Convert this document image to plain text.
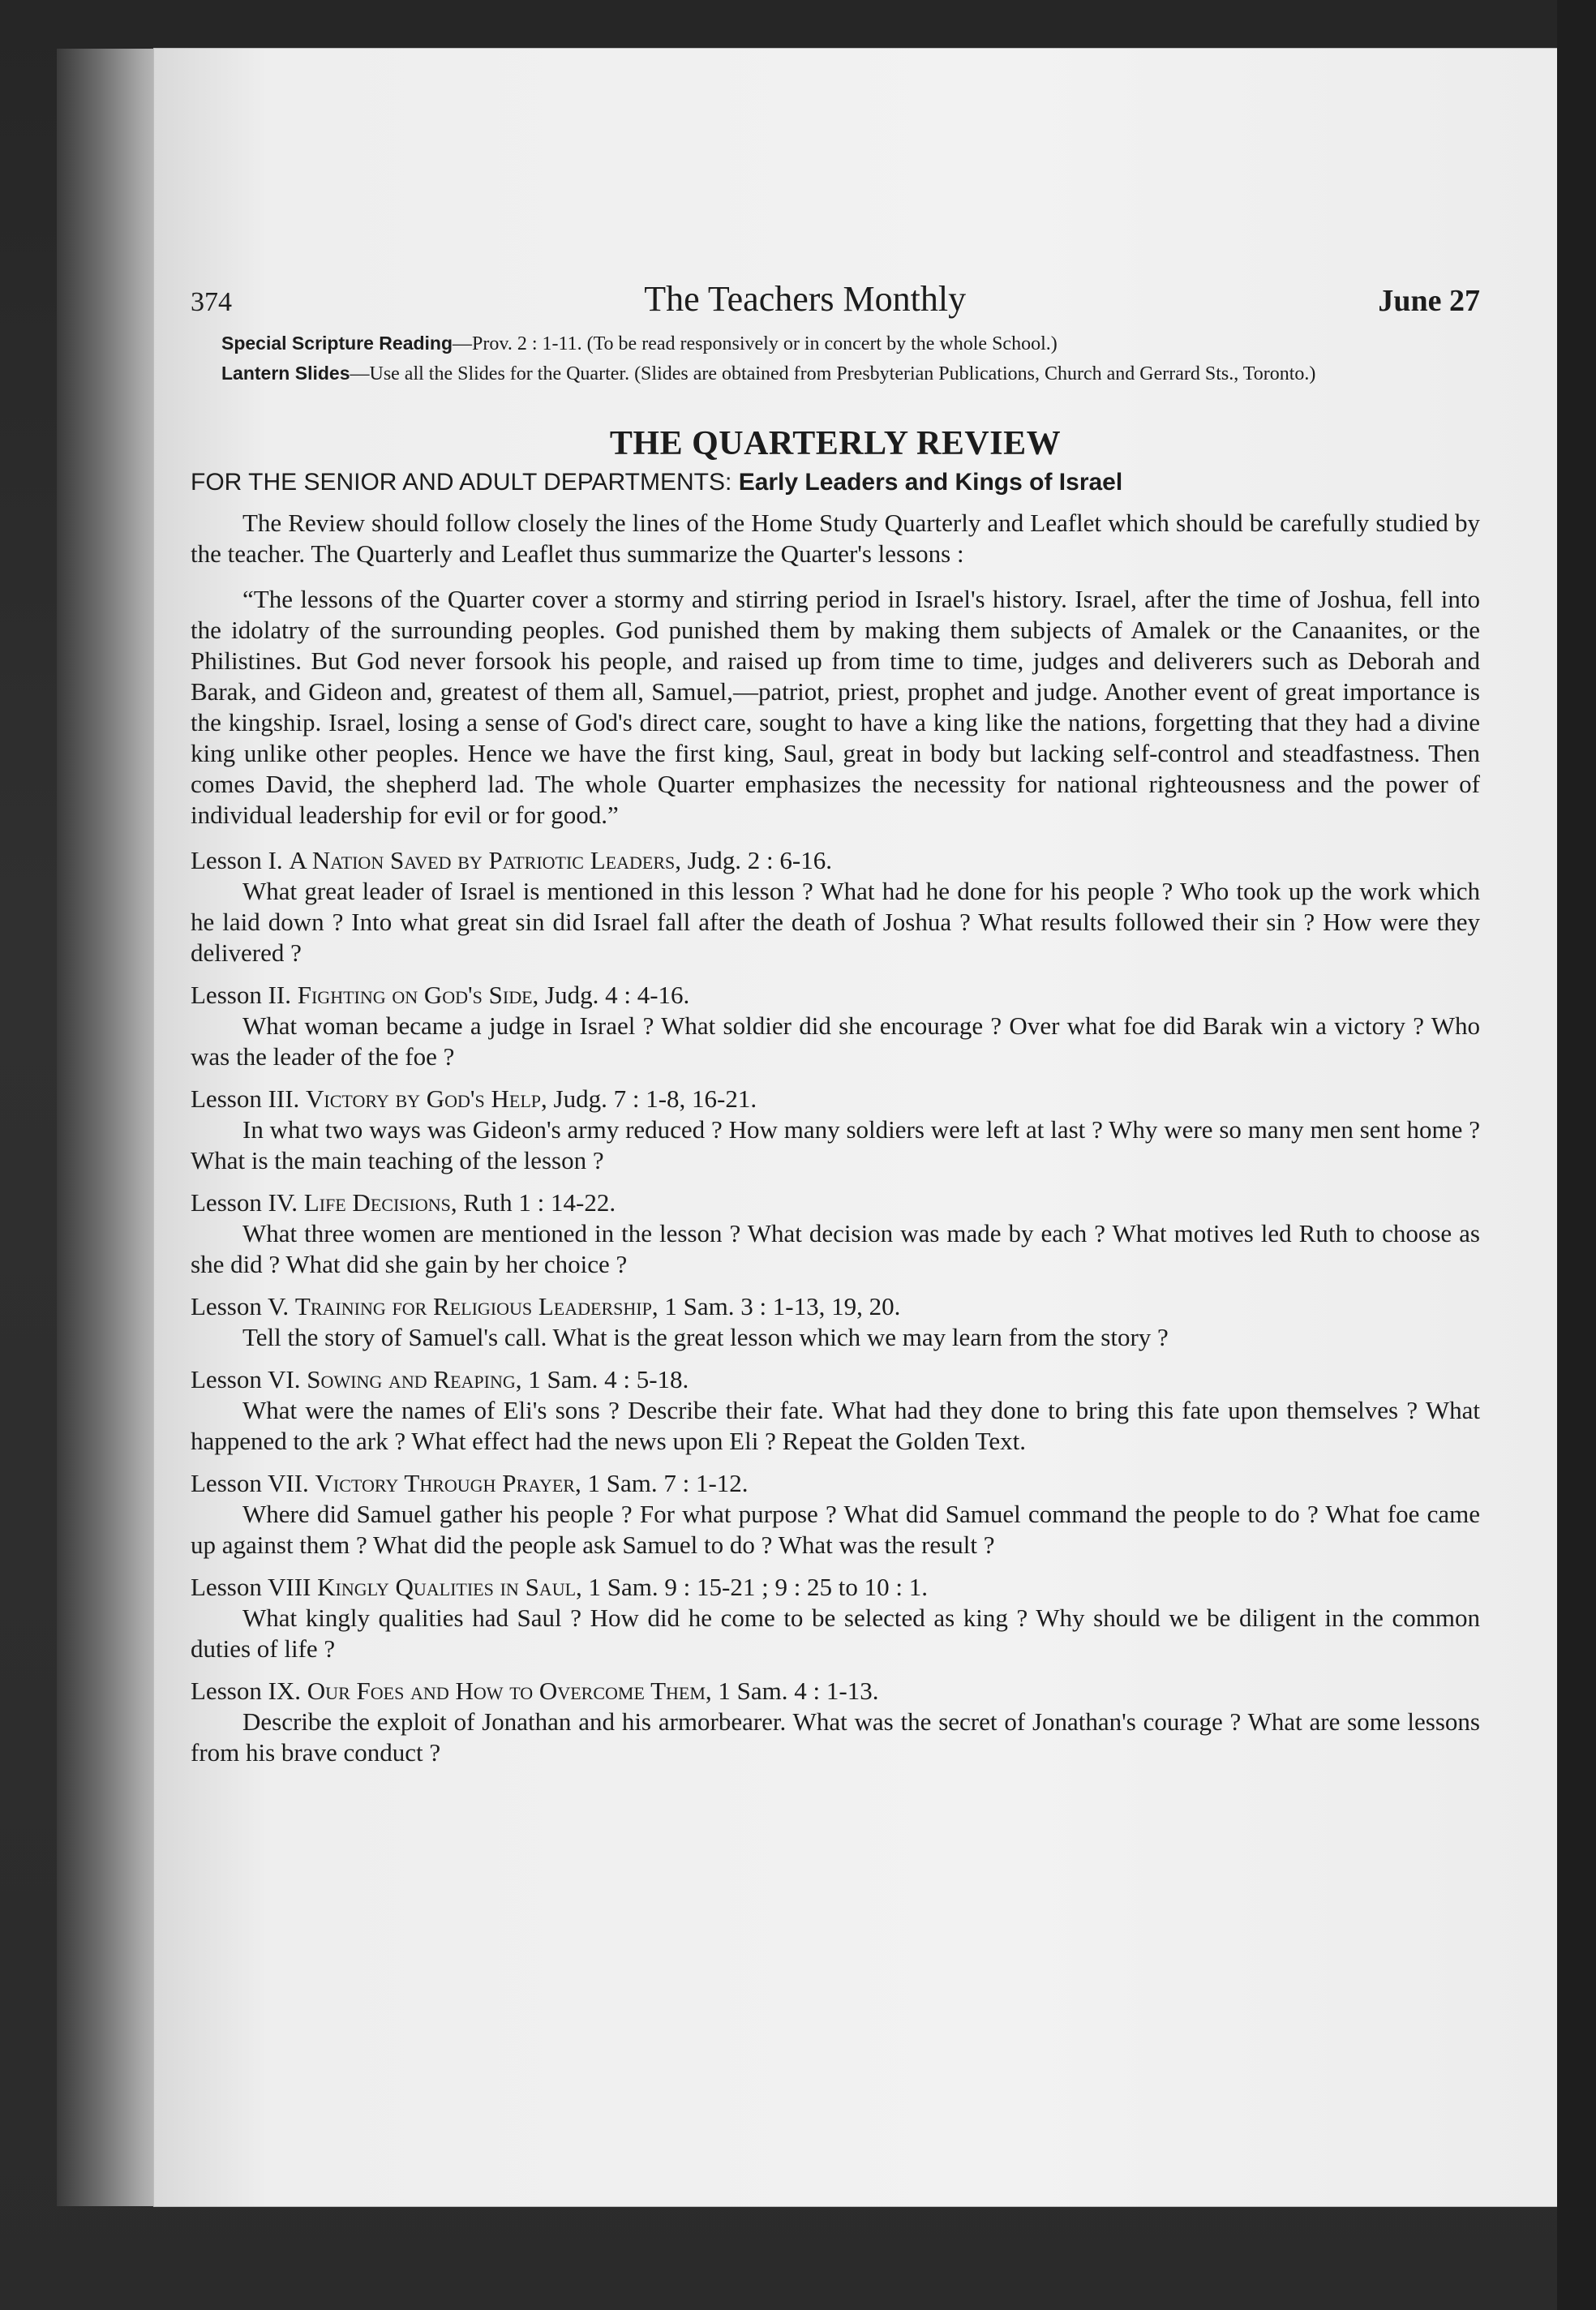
374	The Teachers Monthly	June 27

Special Scripture Reading—Prov. 2 : 1-11. (To be read responsively or in concert by the whole School.)

Lantern Slides—Use all the Slides for the Quarter. (Slides are obtained from Presbyterian Publications, Church and Gerrard Sts., Toronto.)

THE QUARTERLY REVIEW

FOR THE SENIOR AND ADULT DEPARTMENTS: Early Leaders and Kings of Israel

The Review should follow closely the lines of the Home Study Quarterly and Leaflet which should be carefully studied by the teacher. The Quarterly and Leaflet thus summarize the Quarter's lessons :

“The lessons of the Quarter cover a stormy and stirring period in Israel's history. Israel, after the time of Joshua, fell into the idolatry of the surrounding peoples. God punished them by making them subjects of Amalek or the Canaanites, or the Philistines. But God never forsook his people, and raised up from time to time, judges and deliverers such as Deborah and Barak, and Gideon and, greatest of them all, Samuel,—patriot, priest, prophet and judge. Another event of great importance is the kingship. Israel, losing a sense of God's direct care, sought to have a king like the nations, forgetting that they had a divine king unlike other peoples. Hence we have the first king, Saul, great in body but lacking self-control and steadfastness. Then comes David, the shepherd lad. The whole Quarter emphasizes the necessity for national righteousness and the power of individual leadership for evil or for good.”

Lesson I. A Nation Saved by Patriotic Leaders, Judg. 2 : 6-16.

What great leader of Israel is mentioned in this lesson ? What had he done for his people ? Who took up the work which he laid down ? Into what great sin did Israel fall after the death of Joshua ? What results followed their sin ? How were they delivered ?

Lesson II. Fighting on God's Side, Judg. 4 : 4-16.

What woman became a judge in Israel ? What soldier did she encourage ? Over what foe did Barak win a victory ? Who was the leader of the foe ?

Lesson III. Victory by God's Help, Judg. 7 : 1-8, 16-21.

In what two ways was Gideon's army reduced ? How many soldiers were left at last ? Why were so many men sent home ? What is the main teaching of the lesson ?

Lesson IV. Life Decisions, Ruth 1 : 14-22.

What three women are mentioned in the lesson ? What decision was made by each ? What motives led Ruth to choose as she did ? What did she gain by her choice ?

Lesson V. Training for Religious Leadership, 1 Sam. 3 : 1-13, 19, 20.

Tell the story of Samuel's call. What is the great lesson which we may learn from the story ?

Lesson VI. Sowing and Reaping, 1 Sam. 4 : 5-18.

What were the names of Eli's sons ? Describe their fate. What had they done to bring this fate upon themselves ? What happened to the ark ? What effect had the news upon Eli ? Repeat the Golden Text.

Lesson VII. Victory Through Prayer, 1 Sam. 7 : 1-12.

Where did Samuel gather his people ? For what purpose ? What did Samuel command the people to do ? What foe came up against them ? What did the people ask Samuel to do ? What was the result ?

Lesson VIII Kingly Qualities in Saul, 1 Sam. 9 : 15-21 ; 9 : 25 to 10 : 1.

What kingly qualities had Saul ? How did he come to be selected as king ? Why should we be diligent in the common duties of life ?

Lesson IX. Our Foes and How to Overcome Them, 1 Sam. 4 : 1-13.

Describe the exploit of Jonathan and his armorbearer. What was the secret of Jonathan's courage ? What are some lessons from his brave conduct ?
